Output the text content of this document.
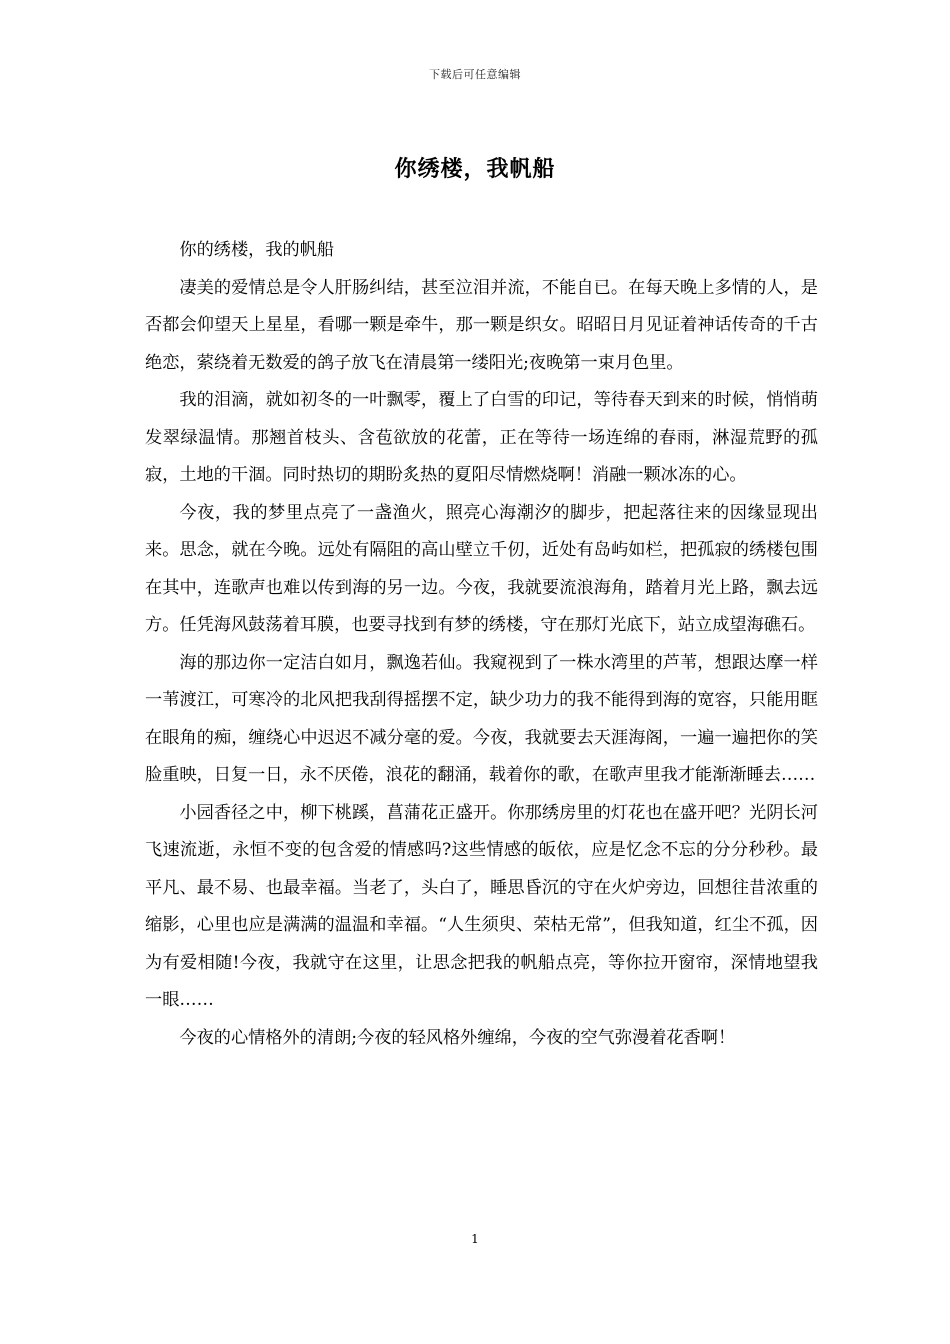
下载后可任意编辑
你绣楼，我帆船

你的绣楼，我的帆船

凄美的爱情总是令人肝肠纠结，甚至泣泪并流，不能自已。在每天晚上多情的人，是否都会仰望天上星星，看哪一颗是牵牛，那一颗是织女。昭昭日月见证着神话传奇的千古绝恋，萦绕着无数爱的鸽子放飞在清晨第一缕阳光;夜晚第一束月色里。

我的泪滴，就如初冬的一叶飘零，覆上了白雪的印记，等待春天到来的时候，悄悄萌发翠绿温情。那翘首枝头、含苞欲放的花蕾，正在等待一场连绵的春雨，淋湿荒野的孤寂，土地的干涸。同时热切的期盼炙热的夏阳尽情燃烧啊！消融一颗冰冻的心。

今夜，我的梦里点亮了一盏渔火，照亮心海潮汐的脚步，把起落往来的因缘显现出来。思念，就在今晚。远处有隔阻的高山壁立千仞，近处有岛屿如栏，把孤寂的绣楼包围在其中，连歌声也难以传到海的另一边。今夜，我就要流浪海角，踏着月光上路，飘去远方。任凭海风鼓荡着耳膜，也要寻找到有梦的绣楼，守在那灯光底下，站立成望海礁石。

海的那边你一定洁白如月，飘逸若仙。我窥视到了一株水湾里的芦苇，想跟达摩一样一苇渡江，可寒冷的北风把我刮得摇摆不定，缺少功力的我不能得到海的宽容，只能用眶在眼角的痴，缠绕心中迟迟不减分毫的爱。今夜，我就要去天涯海阁，一遍一遍把你的笑脸重映，日复一日，永不厌倦，浪花的翻涌，载着你的歌，在歌声里我才能渐渐睡去……

小园香径之中，柳下桃蹊，菖蒲花正盛开。你那绣房里的灯花也在盛开吧？光阴长河飞速流逝，永恒不变的包含爱的情感吗?这些情感的皈依，应是忆念不忘的分分秒秒。最平凡、最不易、也最幸福。当老了，头白了，睡思昏沉的守在火炉旁边，回想往昔浓重的缩影，心里也应是满满的温温和幸福。“人生须臾、荣枯无常”，但我知道，红尘不孤，因为有爱相随!今夜，我就守在这里，让思念把我的帆船点亮，等你拉开窗帘，深情地望我一眼……

今夜的心情格外的清朗;今夜的轻风格外缠绵，今夜的空气弥漫着花香啊！

1
